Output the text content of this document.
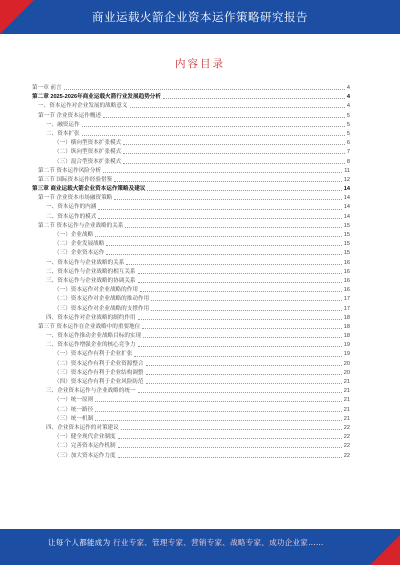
商业运载火箭企业资本运作策略研究报告
内容目录
第一章 前言	4
第二章 2025-2026年商业运载火箭行业发展趋势分析	4
一、资本运作对企业发展的战略意义	4
第一节 企业资本运作概述	5
一、融资运作	5
二、资本扩张	5
（一）横向型资本扩张模式	6
（二）纵向型资本扩张模式	7
（三）混合型资本扩张模式	8
第二节 资本运作风险分析	11
第三节 国际资本运作经验借鉴	12
第三章 商业运载火箭企业资本运作策略及建议	14
第一节 企业资本市场融资策略	14
一、资本运作的内涵	14
二、资本运作的模式	14
第二节 资本运作与企业战略的关系	15
（一）企业战略	15
（二）企业发展战略	15
（三）企业资本运作	15
一、资本运作与企业战略的关系	16
二、资本运作与企业战略的相互关系	16
三、资本运作与企业战略的协调关系	16
（一）资本运作对企业战略的作用	16
（二）资本运作对企业战略的推动作用	17
（三）资本运作对企业战略的支撑作用	17
四、资本运作对企业战略的制约作用	18
第三节 资本运作在企业战略中的重要地位	18
一、资本运作推动企业战略目标的实现	18
二、资本运作增强企业的核心竞争力	19
（一）资本运作有利于企业扩张	19
（二）资本运作有利于企业资源整合	20
（三）资本运作有利于企业结构调整	20
（四）资本运作有利于企业风险防范	21
三、企业资本运作与企业战略的统一	21
（一）统一原则	21
（二）统一路径	21
（三）统一机制	21
四、企业资本运作的对策建议	22
（一）健全现代企业制度	22
（二）完善资本运作机制	22
（三）加大资本运作力度	22
让每个人都能成为 行业专家、管理专家、营销专家、战略专家、成功企业家……
